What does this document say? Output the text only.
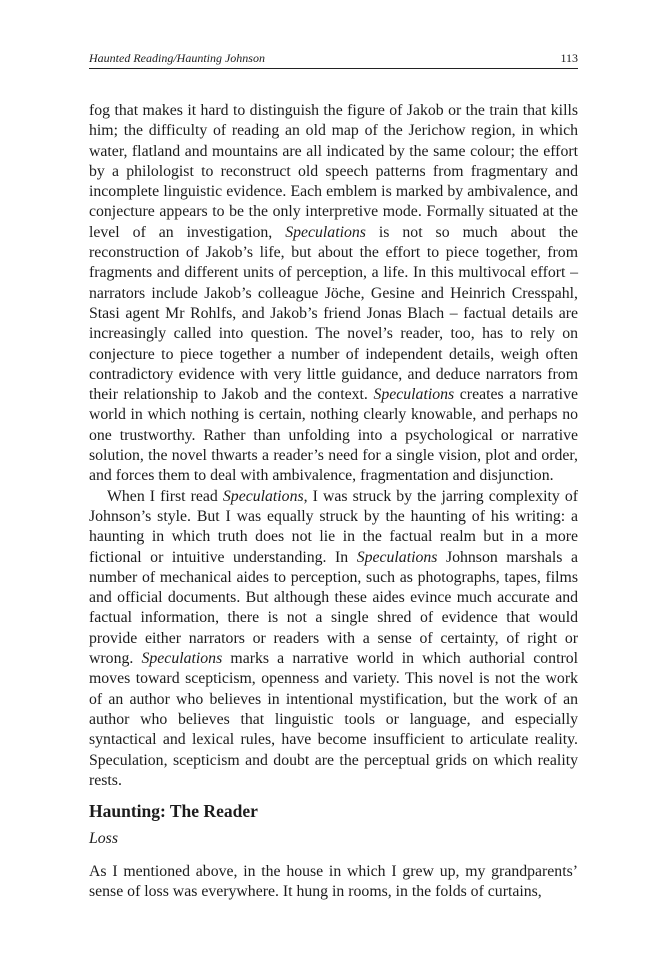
Haunted Reading/Haunting Johnson	113

fog that makes it hard to distinguish the figure of Jakob or the train that kills him; the difficulty of reading an old map of the Jerichow region, in which water, flatland and mountains are all indicated by the same colour; the effort by a philologist to reconstruct old speech patterns from fragmentary and incomplete linguistic evidence. Each emblem is marked by ambivalence, and conjecture appears to be the only interpretive mode. Formally situated at the level of an investigation, Speculations is not so much about the reconstruction of Jakob’s life, but about the effort to piece together, from fragments and different units of perception, a life. In this multivocal effort – narrators include Jakob’s colleague Jöche, Gesine and Heinrich Cresspahl, Stasi agent Mr Rohlfs, and Jakob’s friend Jonas Blach – factual details are increasingly called into question. The novel’s reader, too, has to rely on conjecture to piece together a number of independent details, weigh often contradictory evidence with very little guidance, and deduce narrators from their relationship to Jakob and the context. Speculations creates a narrative world in which nothing is certain, nothing clearly knowable, and perhaps no one trustworthy. Rather than unfolding into a psychological or narrative solution, the novel thwarts a reader’s need for a single vision, plot and order, and forces them to deal with ambivalence, fragmentation and disjunction.

When I first read Speculations, I was struck by the jarring complexity of Johnson’s style. But I was equally struck by the haunting of his writing: a haunting in which truth does not lie in the factual realm but in a more fictional or intuitive understanding. In Speculations Johnson marshals a number of mechanical aides to perception, such as photographs, tapes, films and official documents. But although these aides evince much accurate and factual information, there is not a single shred of evidence that would provide either narrators or readers with a sense of certainty, of right or wrong. Speculations marks a narrative world in which authorial control moves toward scepticism, openness and variety. This novel is not the work of an author who believes in intentional mystification, but the work of an author who believes that linguistic tools or language, and especially syntactical and lexical rules, have become insufficient to articulate reality. Speculation, scepticism and doubt are the perceptual grids on which reality rests.

Haunting: The Reader
Loss

As I mentioned above, in the house in which I grew up, my grandparents’ sense of loss was everywhere. It hung in rooms, in the folds of curtains,
